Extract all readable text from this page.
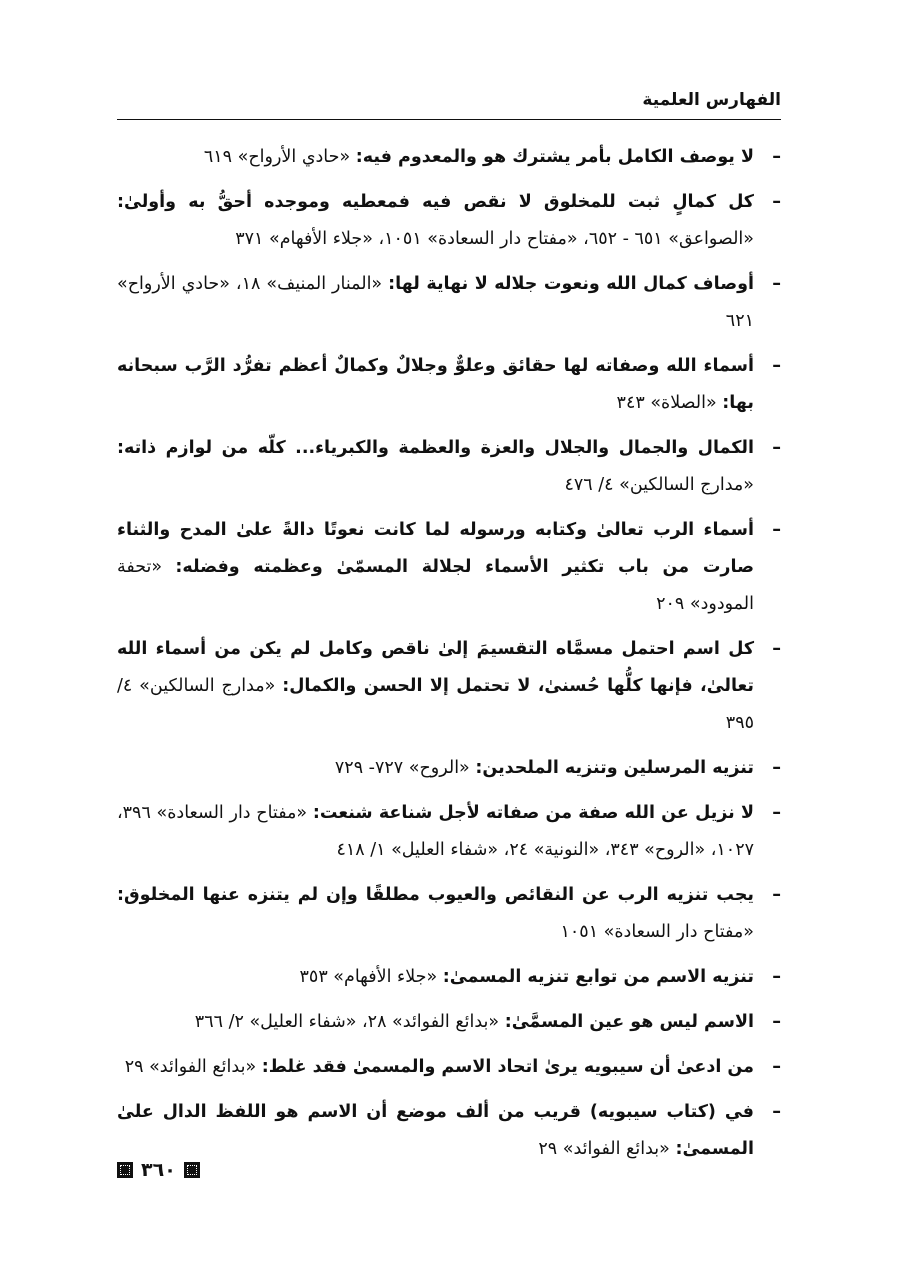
الفهارس العلمية
–
لا يوصف الكامل بأمر يشترك هو والمعدوم فيه: «حادي الأرواح» ٦١٩
–
كل كمالٍ ثبت للمخلوق لا نقص فيه فمعطيه وموجده أحقُّ به وأولىٰ: «الصواعق» ٦٥١ - ٦٥٢، «مفتاح دار السعادة» ١٠٥١، «جلاء الأفهام» ٣٧١
–
أوصاف كمال الله ونعوت جلاله لا نهاية لها: «المنار المنيف» ١٨، «حادي الأرواح» ٦٢١
–
أسماء الله وصفاته لها حقائق وعلوٌّ وجلالٌ وكمالٌ أعظم تفرُّد الرَّب سبحانه بها: «الصلاة» ٣٤٣
–
الكمال والجمال والجلال والعزة والعظمة والكبرياء... كلّه من لوازم ذاته: «مدارج السالكين» ٤/ ٤٧٦
–
أسماء الرب تعالىٰ وكتابه ورسوله لما كانت نعوتًا دالةً علىٰ المدح والثناء صارت من باب تكثير الأسماء لجلالة المسمّىٰ وعظمته وفضله: «تحفة المودود» ٢٠٩
–
كل اسم احتمل مسمَّاه التقسيمَ إلىٰ ناقص وكامل لم يكن من أسماء الله تعالىٰ، فإنها كلُّها حُسنىٰ، لا تحتمل إلا الحسن والكمال: «مدارج السالكين» ٤/ ٣٩٥
–
تنزيه المرسلين وتنزيه الملحدين: «الروح» ٧٢٧- ٧٢٩
–
لا نزيل عن الله صفة من صفاته لأجل شناعة شنعت: «مفتاح دار السعادة» ٣٩٦، ١٠٢٧، «الروح» ٣٤٣، «النونية» ٢٤، «شفاء العليل» ١/ ٤١٨
–
يجب تنزيه الرب عن النقائص والعيوب مطلقًا وإن لم يتنزه عنها المخلوق: «مفتاح دار السعادة» ١٠٥١
–
تنزيه الاسم من توابع تنزيه المسمىٰ: «جلاء الأفهام» ٣٥٣
–
الاسم ليس هو عين المسمَّىٰ: «بدائع الفوائد» ٢٨، «شفاء العليل» ٢/ ٣٦٦
–
من ادعىٰ أن سيبويه يرىٰ اتحاد الاسم والمسمىٰ فقد غلط: «بدائع الفوائد» ٢٩
–
في (كتاب سيبويه) قريب من ألف موضع أن الاسم هو اللفظ الدال علىٰ المسمىٰ: «بدائع الفوائد» ٢٩
٣٦٠
